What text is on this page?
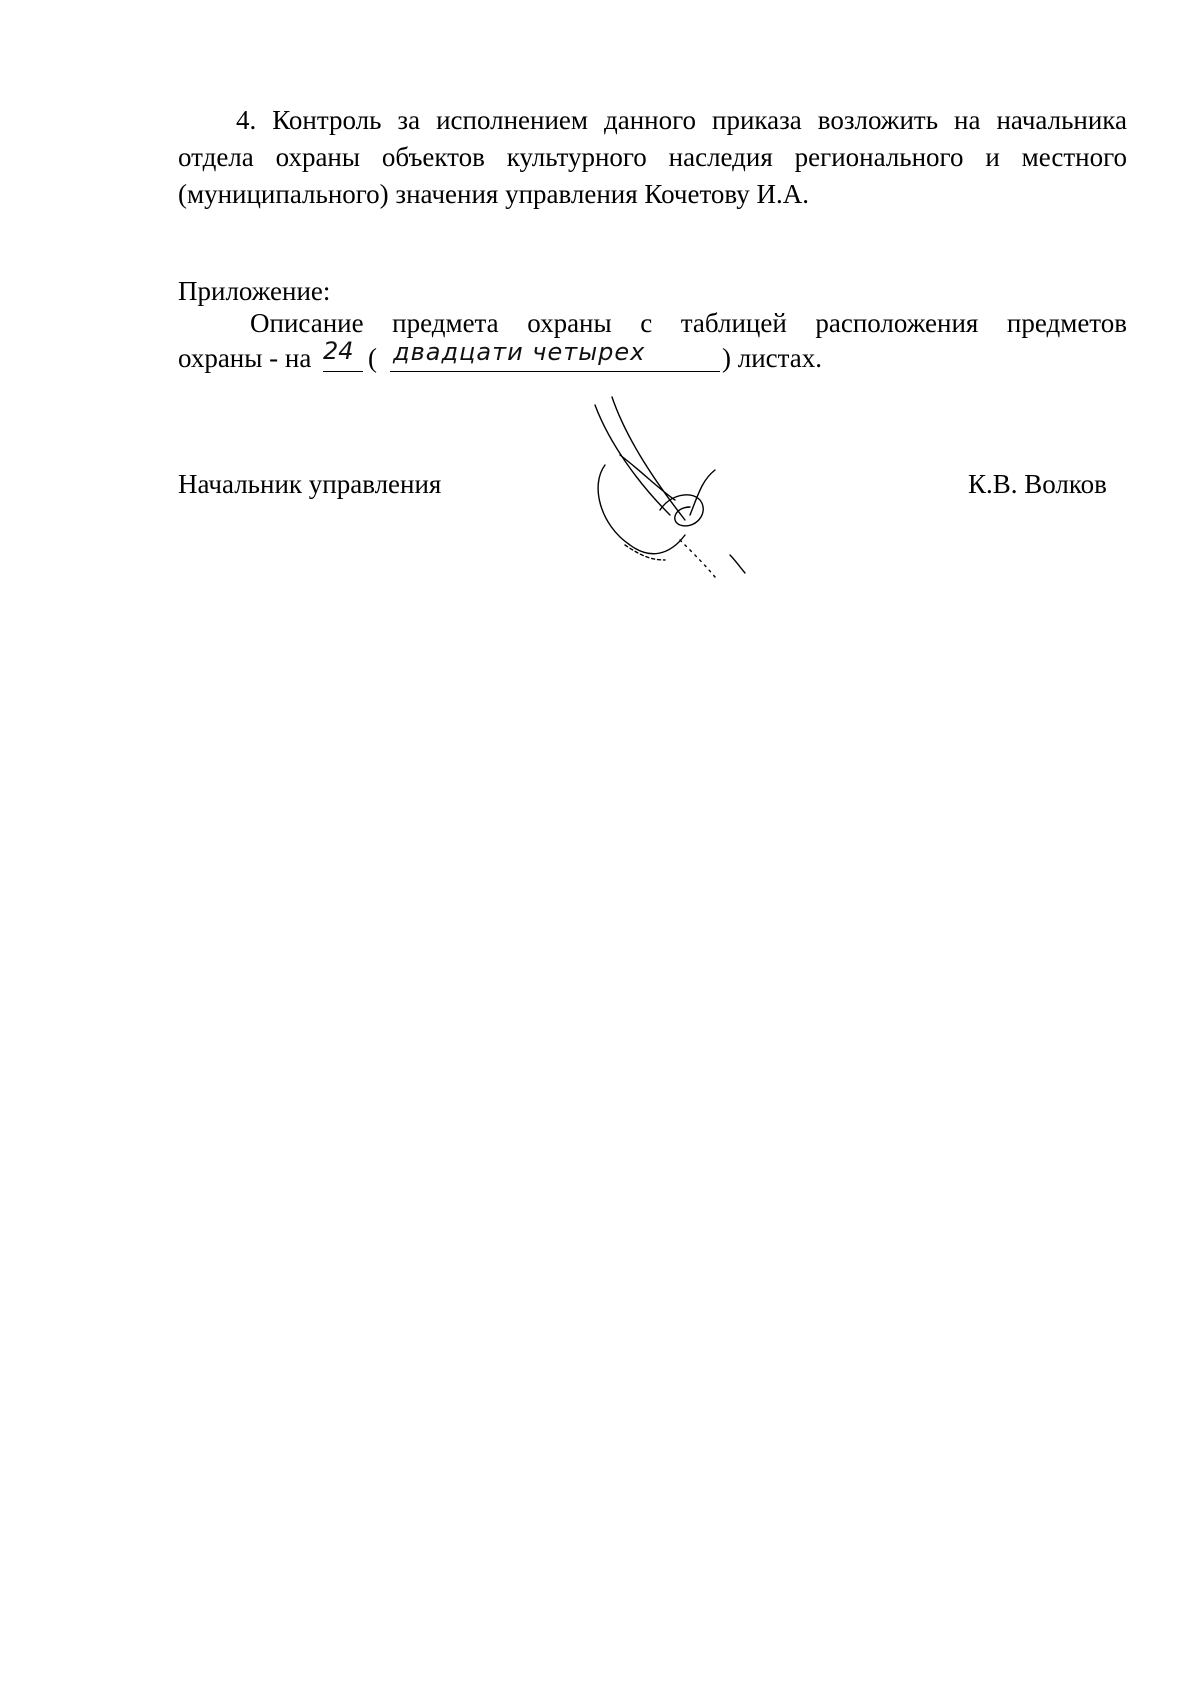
4. Контроль за исполнением данного приказа возложить на начальника
отдела охраны объектов культурного наследия регионального и местного
(муниципального) значения управления Кочетову И.А.
Приложение:
Описание предмета охраны с таблицей расположения предметов
охраны - на 24 ( двадцати четырех	) листах.
Начальник управления	К.В. Волков
